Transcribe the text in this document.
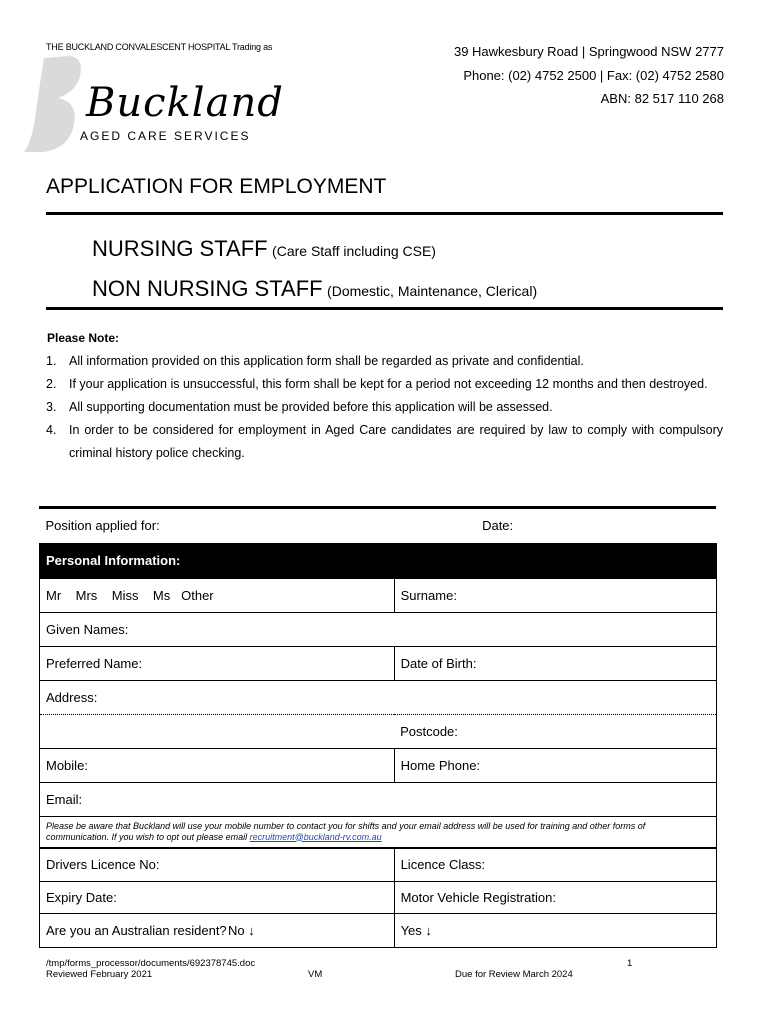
THE BUCKLAND CONVALESCENT HOSPITAL Trading as
Buckland
AGED CARE SERVICES
39 Hawkesbury Road | Springwood NSW 2777
Phone: (02) 4752 2500 | Fax: (02) 4752 2580
ABN: 82 517 110 268
APPLICATION FOR EMPLOYMENT
NURSING STAFF (Care Staff including CSE)
NON NURSING STAFF (Domestic, Maintenance, Clerical)
Please Note:
1.	All information provided on this application form shall be regarded as private and confidential.
2.	If your application is unsuccessful, this form shall be kept for a period not exceeding 12 months and then destroyed.
3.	All supporting documentation must be provided before this application will be assessed.
4.	In order to be considered for employment in Aged Care candidates are required by law to comply with compulsory criminal history police checking.
Position applied for:	Date:
Personal Information:	
Mr Mrs Miss Ms Other	Surname:
Given Names:	
Preferred Name:	Date of Birth:
Address:	
	Postcode:
Mobile:	Home Phone:
Email:	
Please be aware that Buckland will use your mobile number to contact you for shifts and your email address will be used for training and other forms of communication. If you wish to opt out please email recruitment@buckland-rv.com.au	
Drivers Licence No:	Licence Class:
Expiry Date:	Motor Vehicle Registration:

Are you an Australian resident? No ↓	Yes ↓
/tmp/forms_processor/documents/692378745.doc
Reviewed February 2021	VM	Due for Review March 2024
1
